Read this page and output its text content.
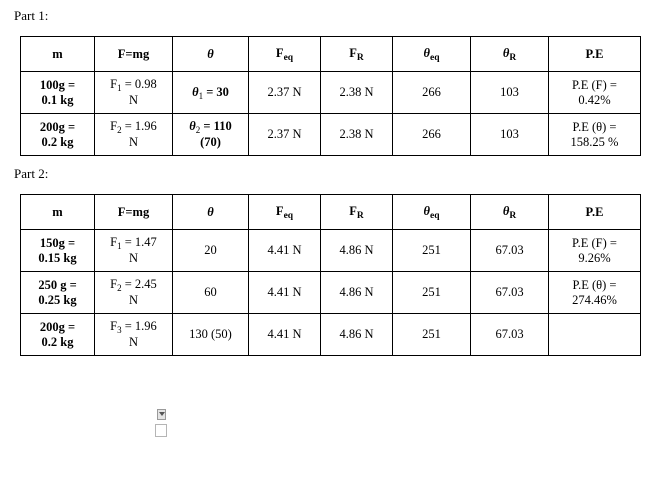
Part 1:

m	F=mg	θ	$F_{eq}$	$F_R$	$\theta_{eq}$	$\theta_R$	P.E
100g =
0.1 kg	$F_1 = 0.98$
N	$\theta_1 = 30$	2.37 N	2.38 N	266	103	P.E (F) =
0.42%
200g =
0.2 kg	$F_2 = 1.96$
N	$\theta_2 = 110$
(70)	2.37 N	2.38 N	266	103	P.E (θ) =
158.25 %

Part 2:

m	F=mg	θ	$F_{eq}$	$F_R$	$\theta_{eq}$	$\theta_R$	P.E
150g =
0.15 kg	$F_1 = 1.47$
N	20	4.41 N	4.86 N	251	67.03	P.E (F) =
9.26%
250 g =
0.25 kg	$F_2 = 2.45$
N	60	4.41 N	4.86 N	251	67.03	P.E (θ) =
274.46%
200g =
0.2 kg	$F_3 = 1.96$
N	130 (50)	4.41 N	4.86 N	251	67.03	
